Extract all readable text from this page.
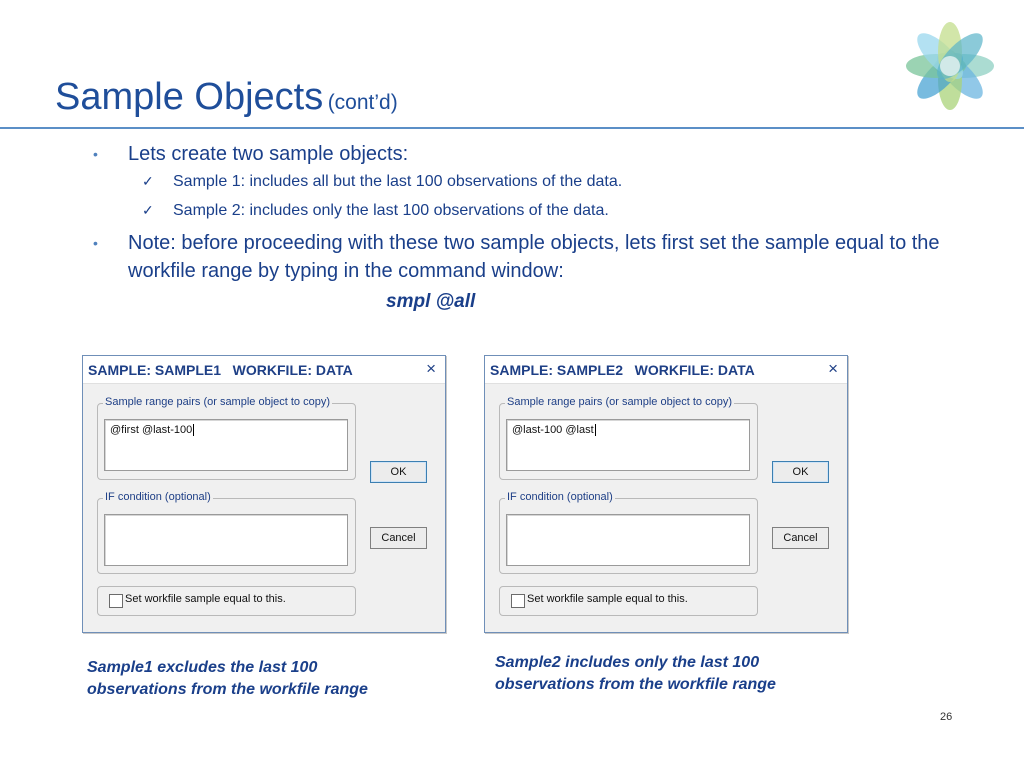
Sample Objects (cont’d)
• Lets create two sample objects:
✓ Sample 1: includes all but the last 100 observations of the data.
✓ Sample 2: includes only the last 100 observations of the data.
• Note: before proceeding with these two sample objects, lets first set the sample equal to the workfile range by typing in the command window:
smpl @all
SAMPLE: SAMPLE1   WORKFILE: DATA	×
Sample range pairs (or sample object to copy)
@first @last-100
OK
IF condition (optional)
Cancel
Set workfile sample equal to this.
SAMPLE: SAMPLE2   WORKFILE: DATA	×
Sample range pairs (or sample object to copy)
@last-100 @last
OK
IF condition (optional)
Cancel
Set workfile sample equal to this.
Sample1 excludes the last 100
observations from the workfile range
Sample2 includes only the last 100
observations from the workfile range
26
